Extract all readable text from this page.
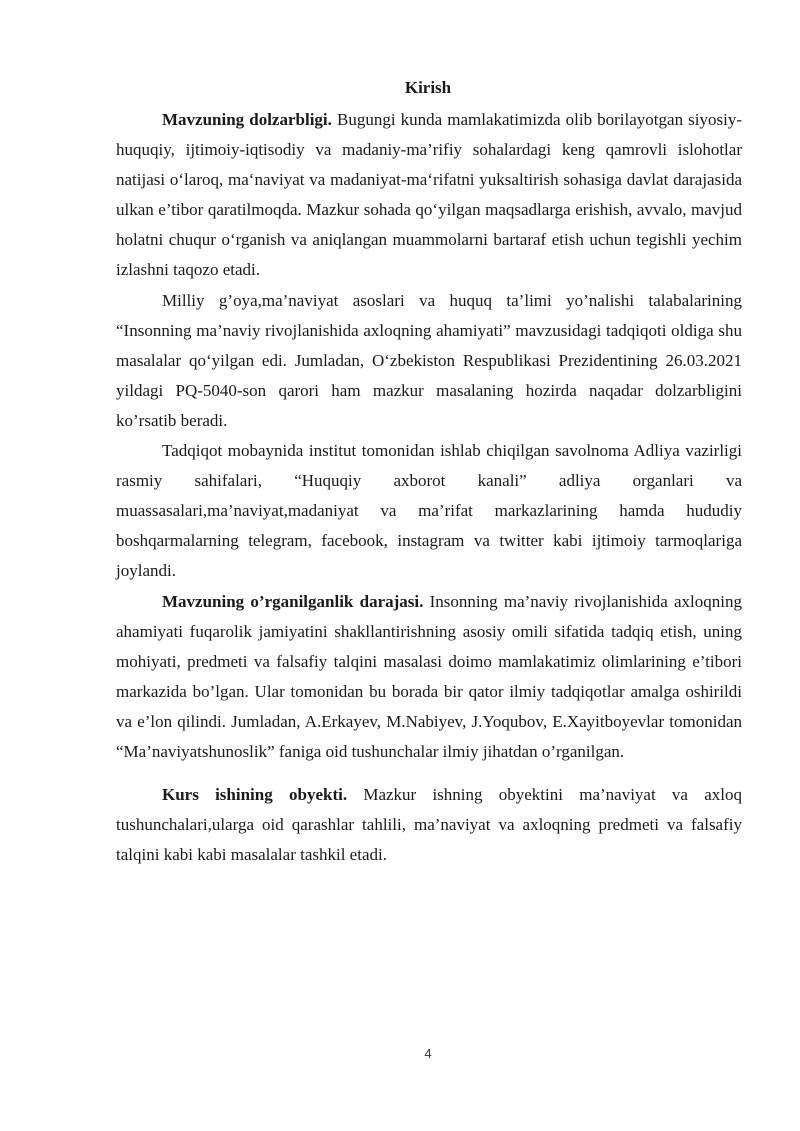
Kirish

Mavzuning dolzarbligi. Bugungi kunda mamlakatimizda olib borilayotgan siyosiy-huquqiy, ijtimoiy-iqtisodiy va madaniy-ma’rifiy sohalardagi keng qamrovli islohotlar natijasi o‘laroq, ma‘naviyat va madaniyat-ma‘rifatni yuksaltirish sohasiga davlat darajasida ulkan e’tibor qaratilmoqda. Mazkur sohada qo‘yilgan maqsadlarga erishish, avvalo, mavjud holatni chuqur o‘rganish va aniqlangan muammolarni bartaraf etish uchun tegishli yechim izlashni taqozo etadi.

Milliy g’oya,ma’naviyat asoslari va huquq ta’limi yo’nalishi talabalarining “Insonning ma’naviy rivojlanishida axloqning ahamiyati” mavzusidagi tadqiqoti oldiga shu masalalar qo‘yilgan edi. Jumladan, O‘zbekiston Respublikasi Prezidentining 26.03.2021 yildagi PQ-5040-son qarori ham mazkur masalaning hozirda naqadar dolzarbligini ko’rsatib beradi.

Tadqiqot mobaynida institut tomonidan ishlab chiqilgan savolnoma Adliya vazirligi rasmiy sahifalari, “Huquqiy axborot kanali” adliya organlari va muassasalari,ma’naviyat,madaniyat va ma’rifat markazlarining hamda hududiy boshqarmalarning telegram, facebook, instagram va twitter kabi ijtimoiy tarmoqlariga joylandi.

Mavzuning o’rganilganlik darajasi. Insonning ma’naviy rivojlanishida axloqning ahamiyati fuqarolik jamiyatini shakllantirishning asosiy omili sifatida tadqiq etish, uning mohiyati, predmeti va falsafiy talqini masalasi doimo mamlakatimiz olimlarining e’tibori markazida bo’lgan. Ular tomonidan bu borada bir qator ilmiy tadqiqotlar amalga oshirildi va e’lon qilindi. Jumladan, A.Erkayev, M.Nabiyev, J.Yoqubov, E.Xayitboyevlar tomonidan “Ma’naviyatshunoslik” faniga oid tushunchalar ilmiy jihatdan o’rganilgan.

Kurs ishining obyekti. Mazkur ishning obyektini ma’naviyat va axloq tushunchalari,ularga oid qarashlar tahlili, ma’naviyat va axloqning predmeti va falsafiy talqini kabi kabi masalalar tashkil etadi.

4
